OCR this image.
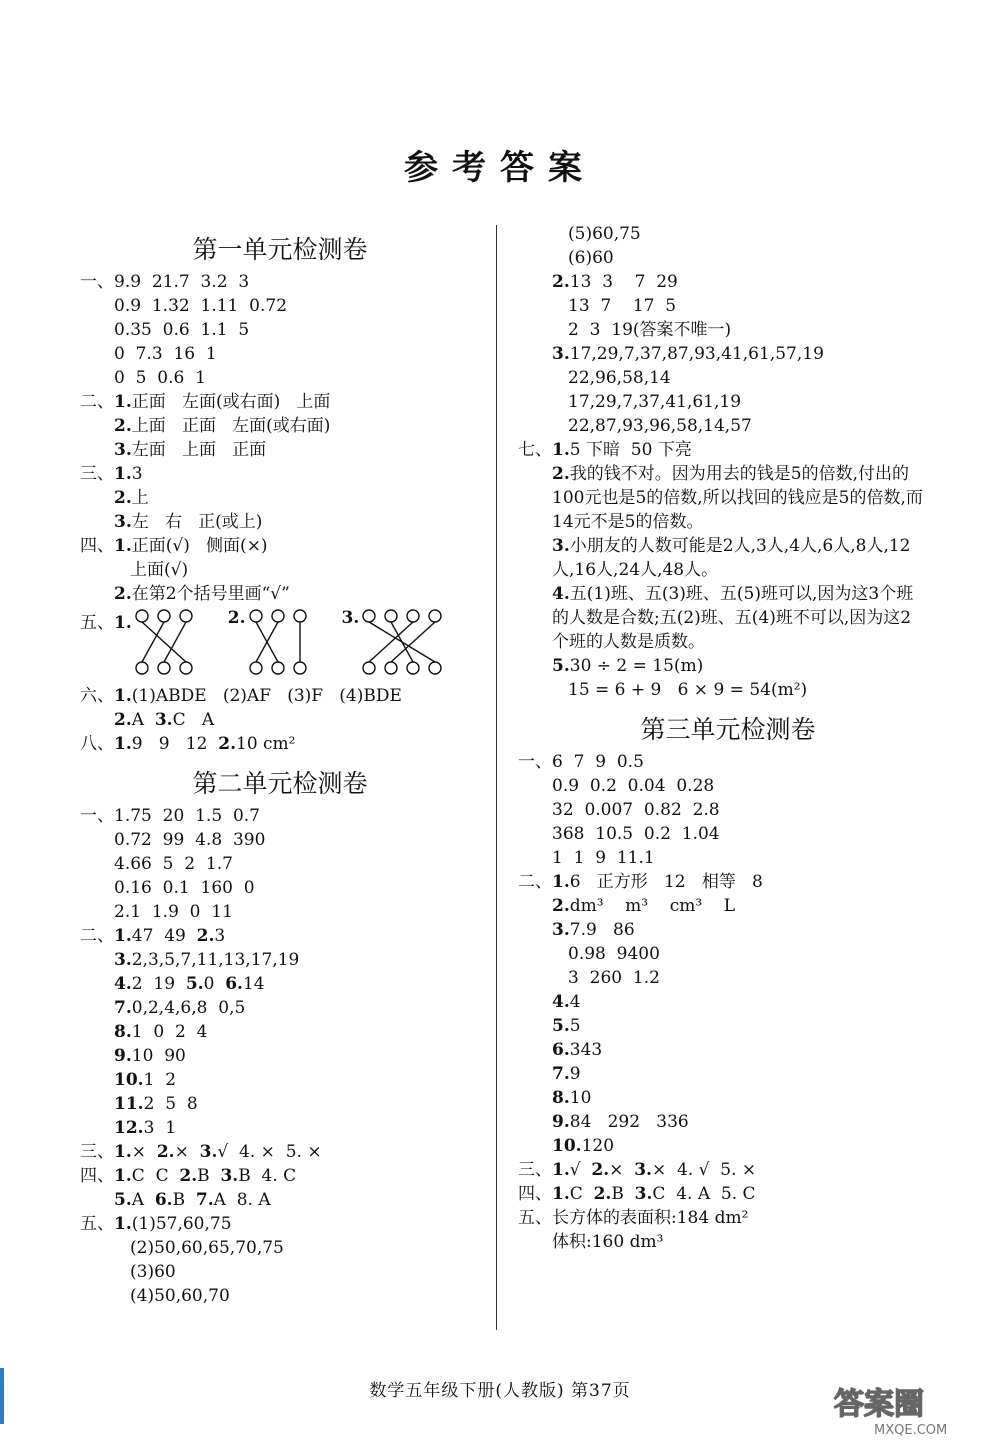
参考答案
第一单元检测卷
一、9.9  21.7  3.2  3
0.9  1.32  1.11  0.72
0.35  0.6  1.1  5
0  7.3  16  1
0  5  0.6  1
二、1.正面   左面(或右面)   上面
2.上面   正面   左面(或右面)
3.左面   上面   正面
三、1.3
2.上
3.左   右   正(或上)
四、1.正面(√)   侧面(×)
上面(√)
2.在第2个括号里画“√”
五、1.	2.	3.
六、1.(1)ABDE   (2)AF   (3)F   (4)BDE
2.A  3.C   A
八、1.9   9   12  2.10 cm²
第二单元检测卷
一、1.75  20  1.5  0.7
0.72  99  4.8  390
4.66  5  2  1.7
0.16  0.1  160  0
2.1  1.9  0  11
二、1.47  49  2.3
3.2,3,5,7,11,13,17,19
4.2  19  5.0  6.14
7.0,2,4,6,8  0,5
8.1  0  2  4
9.10  90
10.1  2
11.2  5  8
12.3  1
三、1.×  2.×  3.√  4. ×  5. ×
四、1.C  C  2.B  3.B  4. C
5.A  6.B  7.A  8. A
五、1.(1)57,60,75
(2)50,60,65,70,75
(3)60
(4)50,60,70
(5)60,75
(6)60
2.13  3    7  29
13  7    17  5
2  3  19(答案不唯一)
3.17,29,7,37,87,93,41,61,57,19
22,96,58,14
17,29,7,37,41,61,19
22,87,93,96,58,14,57
七、1.5 下暗  50 下亮
2.我的钱不对。因为用去的钱是5的倍数,付出的100元也是5的倍数,所以找回的钱应是5的倍数,而14元不是5的倍数。
3.小朋友的人数可能是2人,3人,4人,6人,8人,12人,16人,24人,48人。
4.五(1)班、五(3)班、五(5)班可以,因为这3个班的人数是合数;五(2)班、五(4)班不可以,因为这2个班的人数是质数。
5.30 ÷ 2 = 15(m)
15 = 6 + 9   6 × 9 = 54(m²)
第三单元检测卷
一、6  7  9  0.5
0.9  0.2  0.04  0.28
32  0.007  0.82  2.8
368  10.5  0.2  1.04
1  1  9  11.1
二、1.6   正方形   12   相等   8
2.dm³    m³    cm³    L
3.7.9   86
0.98  9400
3  260  1.2
4.4
5.5
6.343
7.9
8.10
9.84   292   336
10.120
三、1.√  2.×  3.×  4. √  5. ×
四、1.C  2.B  3.C  4. A  5. C
五、长方体的表面积:184 dm²
体积:160 dm³
数学五年级下册(人教版) 第37页	答案圈
MXQE.COM
